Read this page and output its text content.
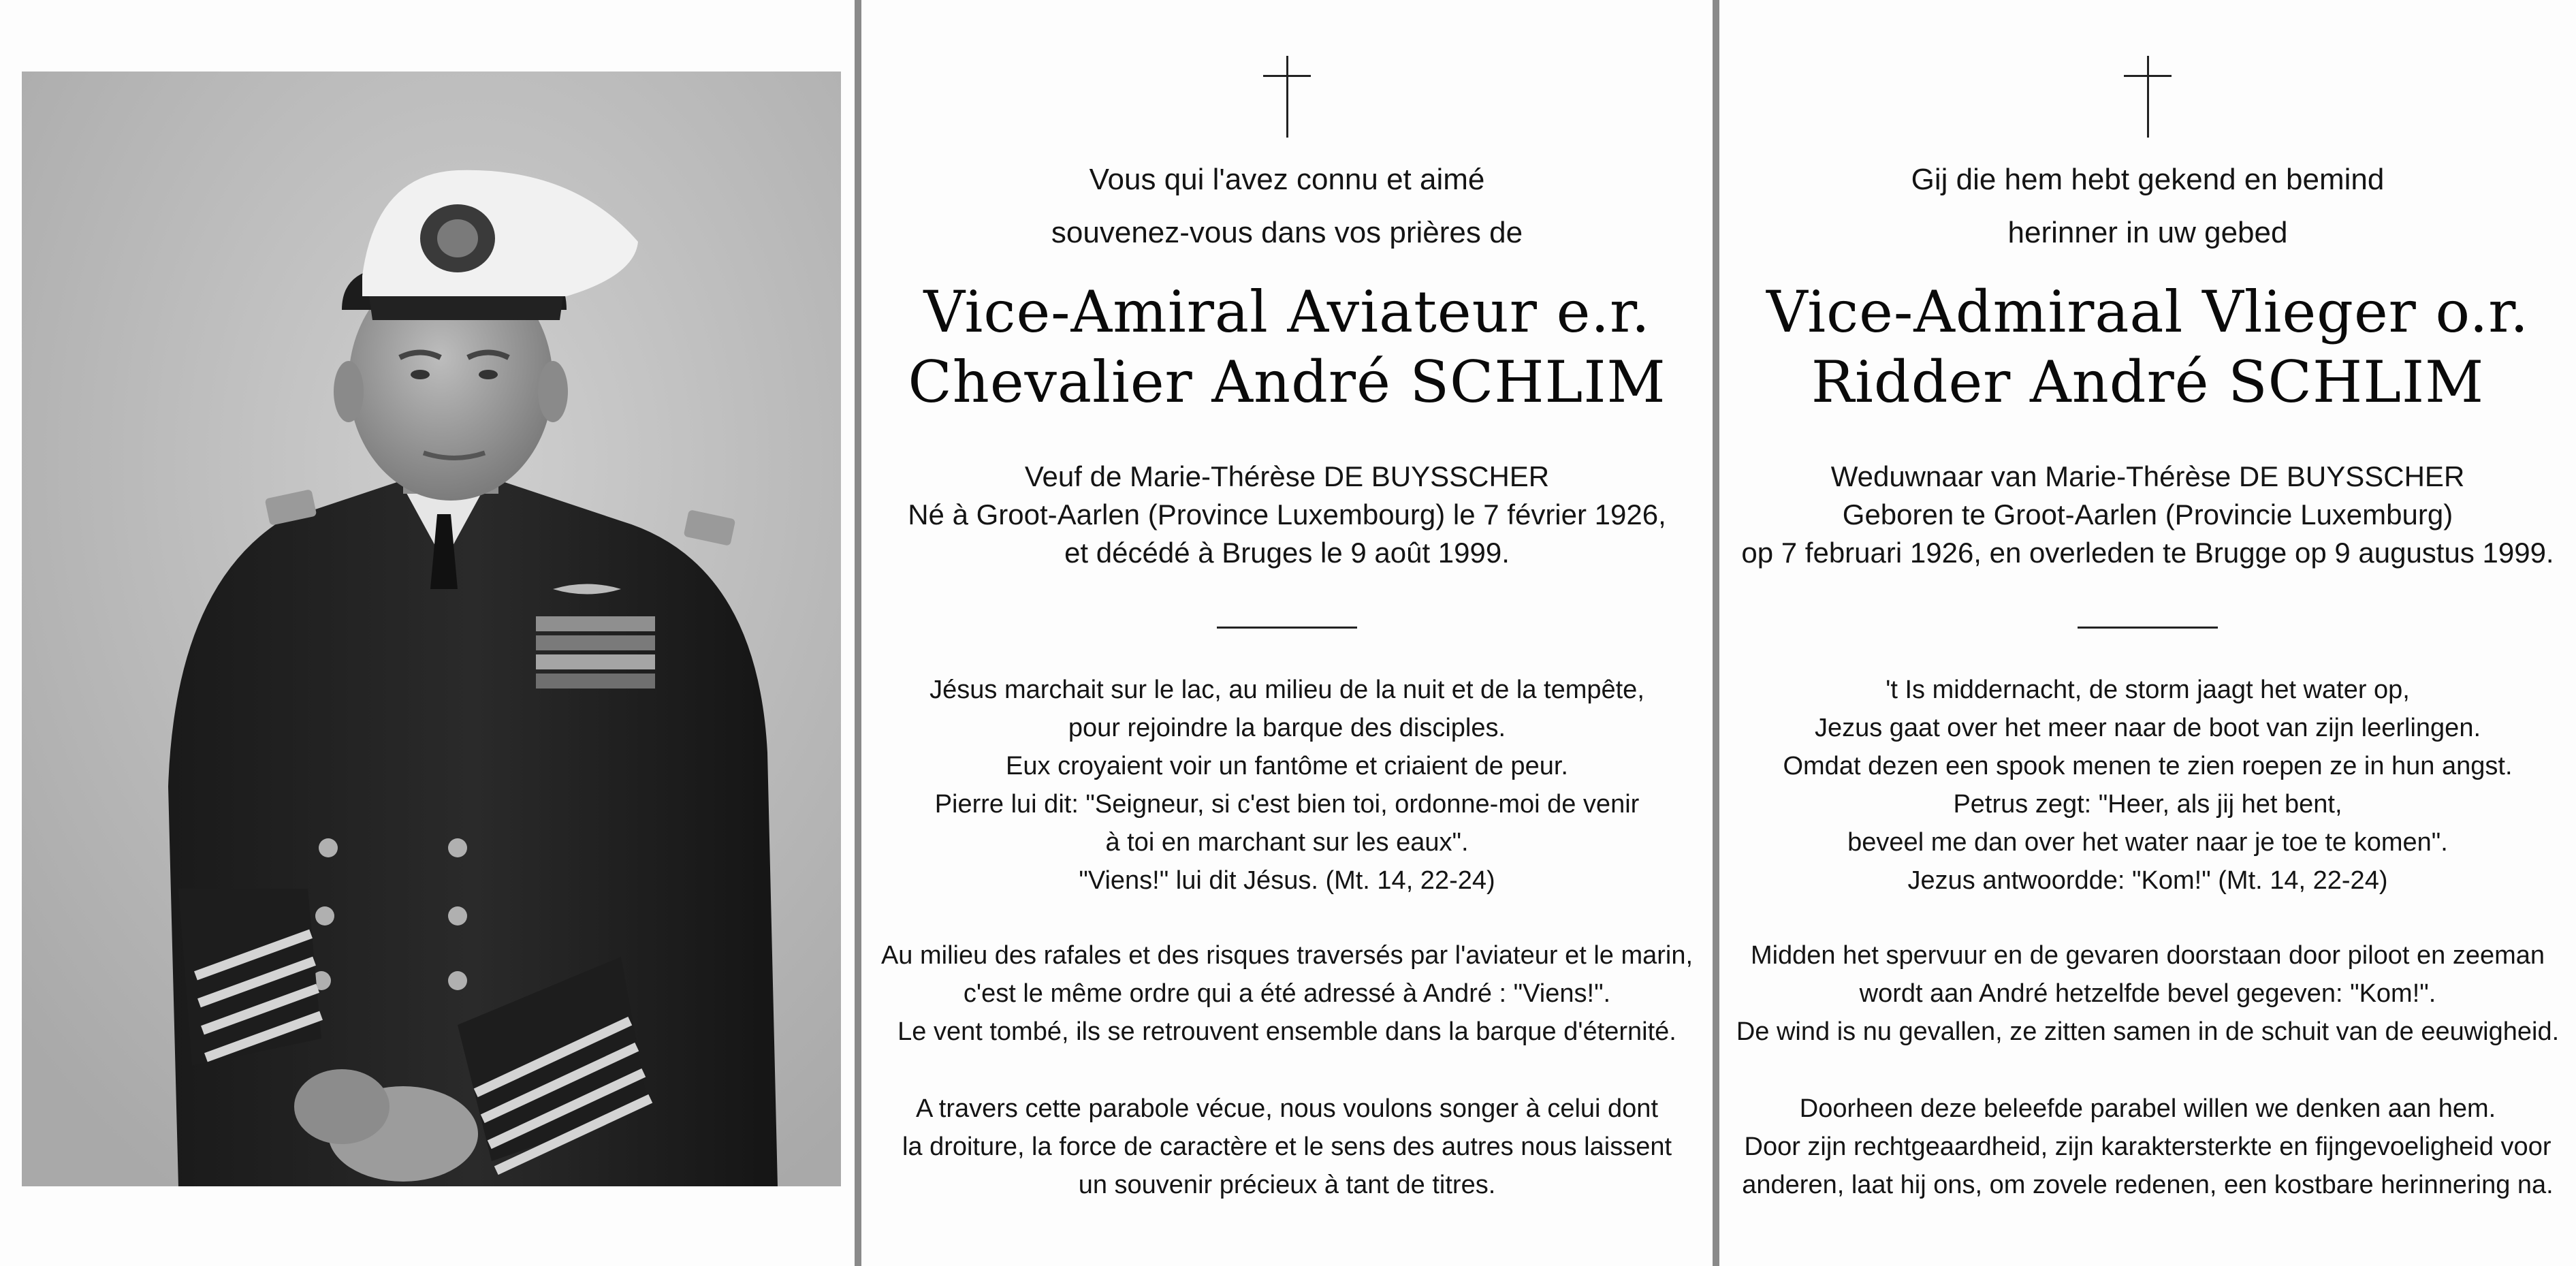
Vous qui l'avez connu et aimé
souvenez-vous dans vos prières de
Vice-Amiral Aviateur e.r.
Chevalier André SCHLIM
Veuf de Marie-Thérèse DE BUYSSCHER
Né à Groot-Aarlen (Province Luxembourg) le 7 février 1926,
et décédé à Bruges le 9 août 1999.
Jésus marchait sur le lac, au milieu de la nuit et de la tempête,
pour rejoindre la barque des disciples.
Eux croyaient voir un fantôme et criaient de peur.
Pierre lui dit: "Seigneur, si c'est bien toi, ordonne-moi de venir
à toi en marchant sur les eaux".
"Viens!" lui dit Jésus. (Mt. 14, 22-24)
Au milieu des rafales et des risques traversés par l'aviateur et le marin,
c'est le même ordre qui a été adressé à André : "Viens!".
Le vent tombé, ils se retrouvent ensemble dans la barque d'éternité.
A travers cette parabole vécue, nous voulons songer à celui dont
la droiture, la force de caractère et le sens des autres nous laissent
un souvenir précieux à tant de titres.
Gij die hem hebt gekend en bemind
herinner in uw gebed
Vice-Admiraal Vlieger o.r.
Ridder André SCHLIM
Weduwnaar van Marie-Thérèse DE BUYSSCHER
Geboren te Groot-Aarlen (Provincie Luxemburg)
op 7 februari 1926, en overleden te Brugge op 9 augustus 1999.
't Is middernacht, de storm jaagt het water op,
Jezus gaat over het meer naar de boot van zijn leerlingen.
Omdat dezen een spook menen te zien roepen ze in hun angst.
Petrus zegt: "Heer, als jij het bent,
beveel me dan over het water naar je toe te komen".
Jezus antwoordde: "Kom!" (Mt. 14, 22-24)
Midden het spervuur en de gevaren doorstaan door piloot en zeeman
wordt aan André hetzelfde bevel gegeven: "Kom!".
De wind is nu gevallen, ze zitten samen in de schuit van de eeuwigheid.
Doorheen deze beleefde parabel willen we denken aan hem.
Door zijn rechtgeaardheid, zijn karaktersterkte en fijngevoeligheid voor
anderen, laat hij ons, om zovele redenen, een kostbare herinnering na.
